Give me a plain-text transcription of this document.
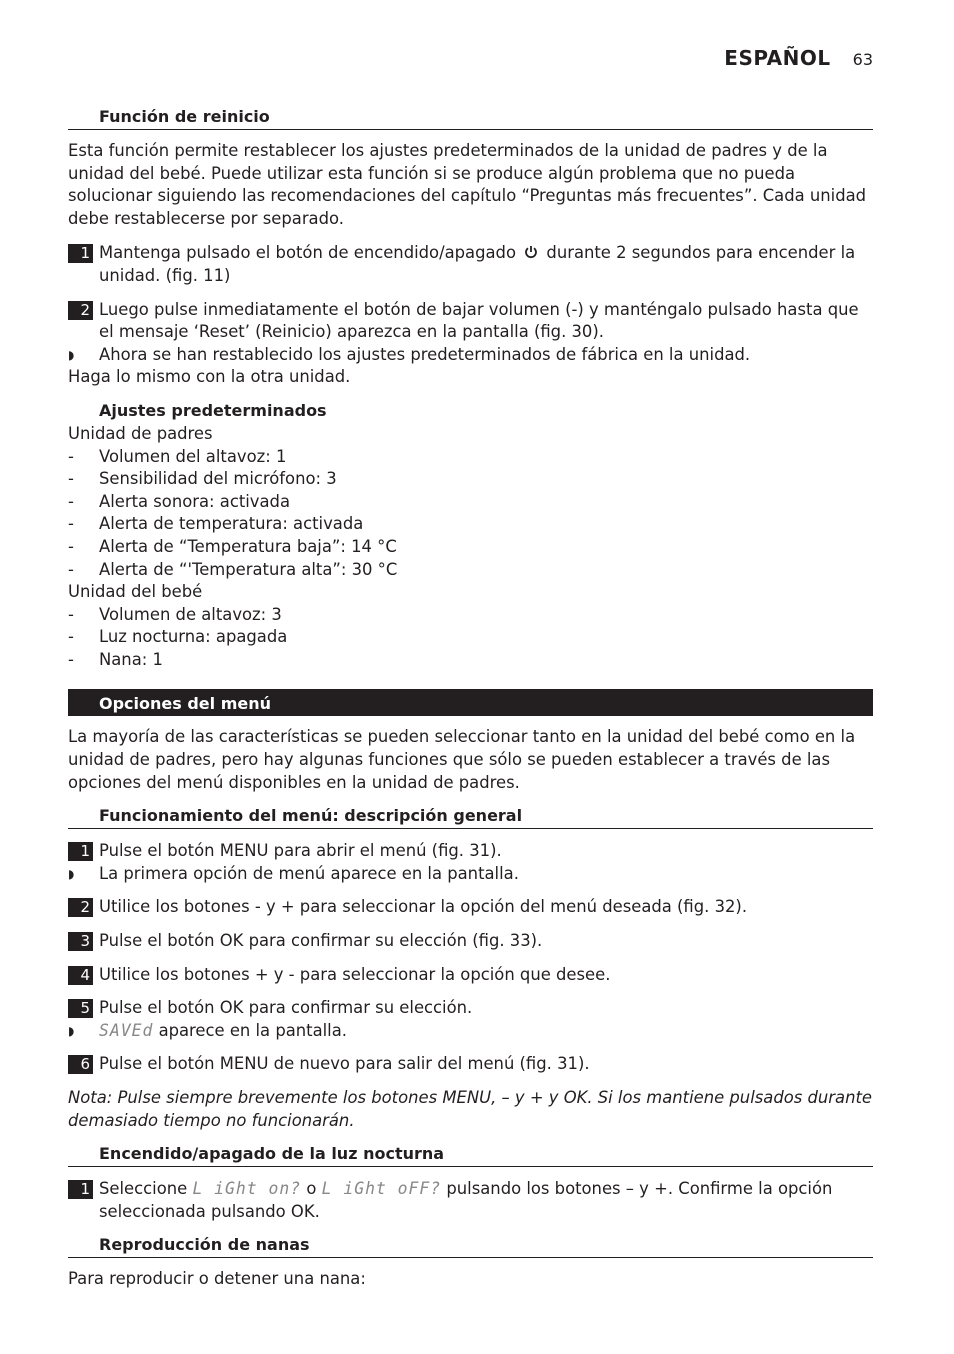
ESPAÑOL 63
Función de reinicio

Esta función permite restablecer los ajustes predeterminados de la unidad de padres y de la unidad del bebé. Puede utilizar esta función si se produce algún problema que no pueda solucionar siguiendo las recomendaciones del capítulo “Preguntas más frecuentes”. Cada unidad debe restablecerse por separado.

1 Mantenga pulsado el botón de encendido/apagado durante 2 segundos para encender la unidad. (fig. 11)
2 Luego pulse inmediatamente el botón de bajar volumen (-) y manténgalo pulsado hasta que el mensaje ‘Reset’ (Reinicio) aparezca en la pantalla (fig. 30).
◗	Ahora se han restablecido los ajustes predeterminados de fábrica en la unidad.

Haga lo mismo con la otra unidad.

Ajustes predeterminados

Unidad de padres

-	Volumen del altavoz: 1
-	Sensibilidad del micrófono: 3
-	Alerta sonora: activada
-	Alerta de temperatura: activada
-	Alerta de “Temperatura baja”: 14 °C
-	Alerta de “'Temperatura alta”: 30 °C

Unidad del bebé

-	Volumen de altavoz: 3
-	Luz nocturna: apagada
-	Nana: 1
Opciones del menú

La mayoría de las características se pueden seleccionar tanto en la unidad del bebé como en la unidad de padres, pero hay algunas funciones que sólo se pueden establecer a través de las opciones del menú disponibles en la unidad de padres.

Funcionamiento del menú: descripción general
1 Pulse el botón MENU para abrir el menú (fig. 31).
◗	La primera opción de menú aparece en la pantalla.
2 Utilice los botones - y + para seleccionar la opción del menú deseada (fig. 32).
3 Pulse el botón OK para confirmar su elección (fig. 33).
4 Utilice los botones + y - para seleccionar la opción que desee.
5 Pulse el botón OK para confirmar su elección.
◗	SAVEd aparece en la pantalla.
6 Pulse el botón MENU de nuevo para salir del menú (fig. 31).

Nota: Pulse siempre brevemente los botones MENU, – y + y OK. Si los mantiene pulsados durante demasiado tiempo no funcionarán.

Encendido/apagado de la luz nocturna
1 Seleccione L iGht on? o L iGht oFF? pulsando los botones – y +. Confirme la opción seleccionada pulsando OK.
Reproducción de nanas

Para reproducir o detener una nana:
